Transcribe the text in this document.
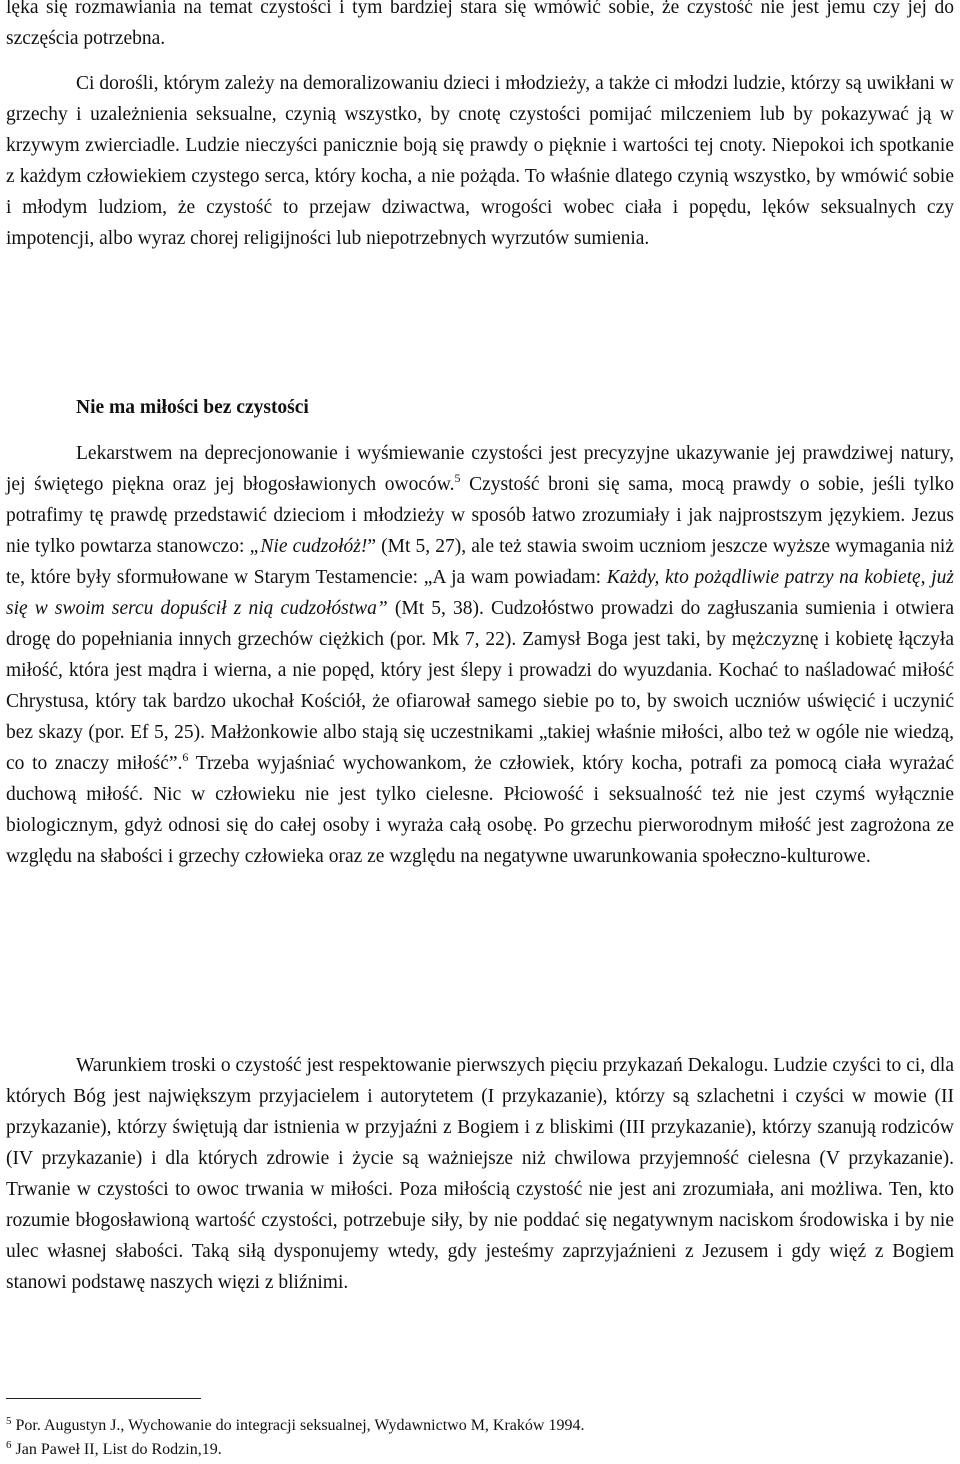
lęka się rozmawiania na temat czystości i tym bardziej stara się wmówić sobie, że czystość nie jest jemu czy jej do szczęścia potrzebna.

Ci dorośli, którym zależy na demoralizowaniu dzieci i młodzieży, a także ci młodzi ludzie, którzy są uwikłani w grzechy i uzależnienia seksualne, czynią wszystko, by cnotę czystości pomijać milczeniem lub by pokazywać ją w krzywym zwierciadle. Ludzie nieczyści panicznie boją się prawdy o pięknie i wartości tej cnoty. Niepokoi ich spotkanie z każdym człowiekiem czystego serca, który kocha, a nie pożąda. To właśnie dlatego czynią wszystko, by wmówić sobie i młodym ludziom, że czystość to przejaw dziwactwa, wrogości wobec ciała i popędu, lęków seksualnych czy impotencji, albo wyraz chorej religijności lub niepotrzebnych wyrzutów sumienia.

Nie ma miłości bez czystości

Lekarstwem na deprecjonowanie i wyśmiewanie czystości jest precyzyjne ukazywanie jej prawdziwej natury, jej świętego piękna oraz jej błogosławionych owoców.$^5$ Czystość broni się sama, mocą prawdy o sobie, jeśli tylko potrafimy tę prawdę przedstawić dzieciom i młodzieży w sposób łatwo zrozumiały i jak najprostszym językiem. Jezus nie tylko powtarza stanowczo: „Nie cudzołóż!” (Mt 5, 27), ale też stawia swoim uczniom jeszcze wyższe wymagania niż te, które były sformułowane w Starym Testamencie: „A ja wam powiadam: Każdy, kto pożądliwie patrzy na kobietę, już się w swoim sercu dopuścił z nią cudzołóstwa” (Mt 5, 38). Cudzołóstwo prowadzi do zagłuszania sumienia i otwiera drogę do popełniania innych grzechów ciężkich (por. Mk 7, 22). Zamysł Boga jest taki, by mężczyznę i kobietę łączyła miłość, która jest mądra i wierna, a nie popęd, który jest ślepy i prowadzi do wyuzdania. Kochać to naśladować miłość Chrystusa, który tak bardzo ukochał Kościół, że ofiarował samego siebie po to, by swoich uczniów uświęcić i uczynić bez skazy (por. Ef 5, 25). Małżonkowie albo stają się uczestnikami „takiej właśnie miłości, albo też w ogóle nie wiedzą, co to znaczy miłość”.$^6$ Trzeba wyjaśniać wychowankom, że człowiek, który kocha, potrafi za pomocą ciała wyrażać duchową miłość. Nic w człowieku nie jest tylko cielesne. Płciowość i seksualność też nie jest czymś wyłącznie biologicznym, gdyż odnosi się do całej osoby i wyraża całą osobę. Po grzechu pierworodnym miłość jest zagrożona ze względu na słabości i grzechy człowieka oraz ze względu na negatywne uwarunkowania społeczno-kulturowe.

Warunkiem troski o czystość jest respektowanie pierwszych pięciu przykazań Dekalogu. Ludzie czyści to ci, dla których Bóg jest największym przyjacielem i autorytetem (I przykazanie), którzy są szlachetni i czyści w mowie (II przykazanie), którzy świętują dar istnienia w przyjaźni z Bogiem i z bliskimi (III przykazanie), którzy szanują rodziców (IV przykazanie) i dla których zdrowie i życie są ważniejsze niż chwilowa przyjemność cielesna (V przykazanie). Trwanie w czystości to owoc trwania w miłości. Poza miłością czystość nie jest ani zrozumiała, ani możliwa. Ten, kto rozumie błogosławioną wartość czystości, potrzebuje siły, by nie poddać się negatywnym naciskom środowiska i by nie ulec własnej słabości. Taką siłą dysponujemy wtedy, gdy jesteśmy zaprzyjaźnieni z Jezusem i gdy więź z Bogiem stanowi podstawę naszych więzi z bliźnimi.

$^5$ Por. Augustyn J., Wychowanie do integracji seksualnej, Wydawnictwo M, Kraków 1994.

$^6$ Jan Paweł II, List do Rodzin,19.
